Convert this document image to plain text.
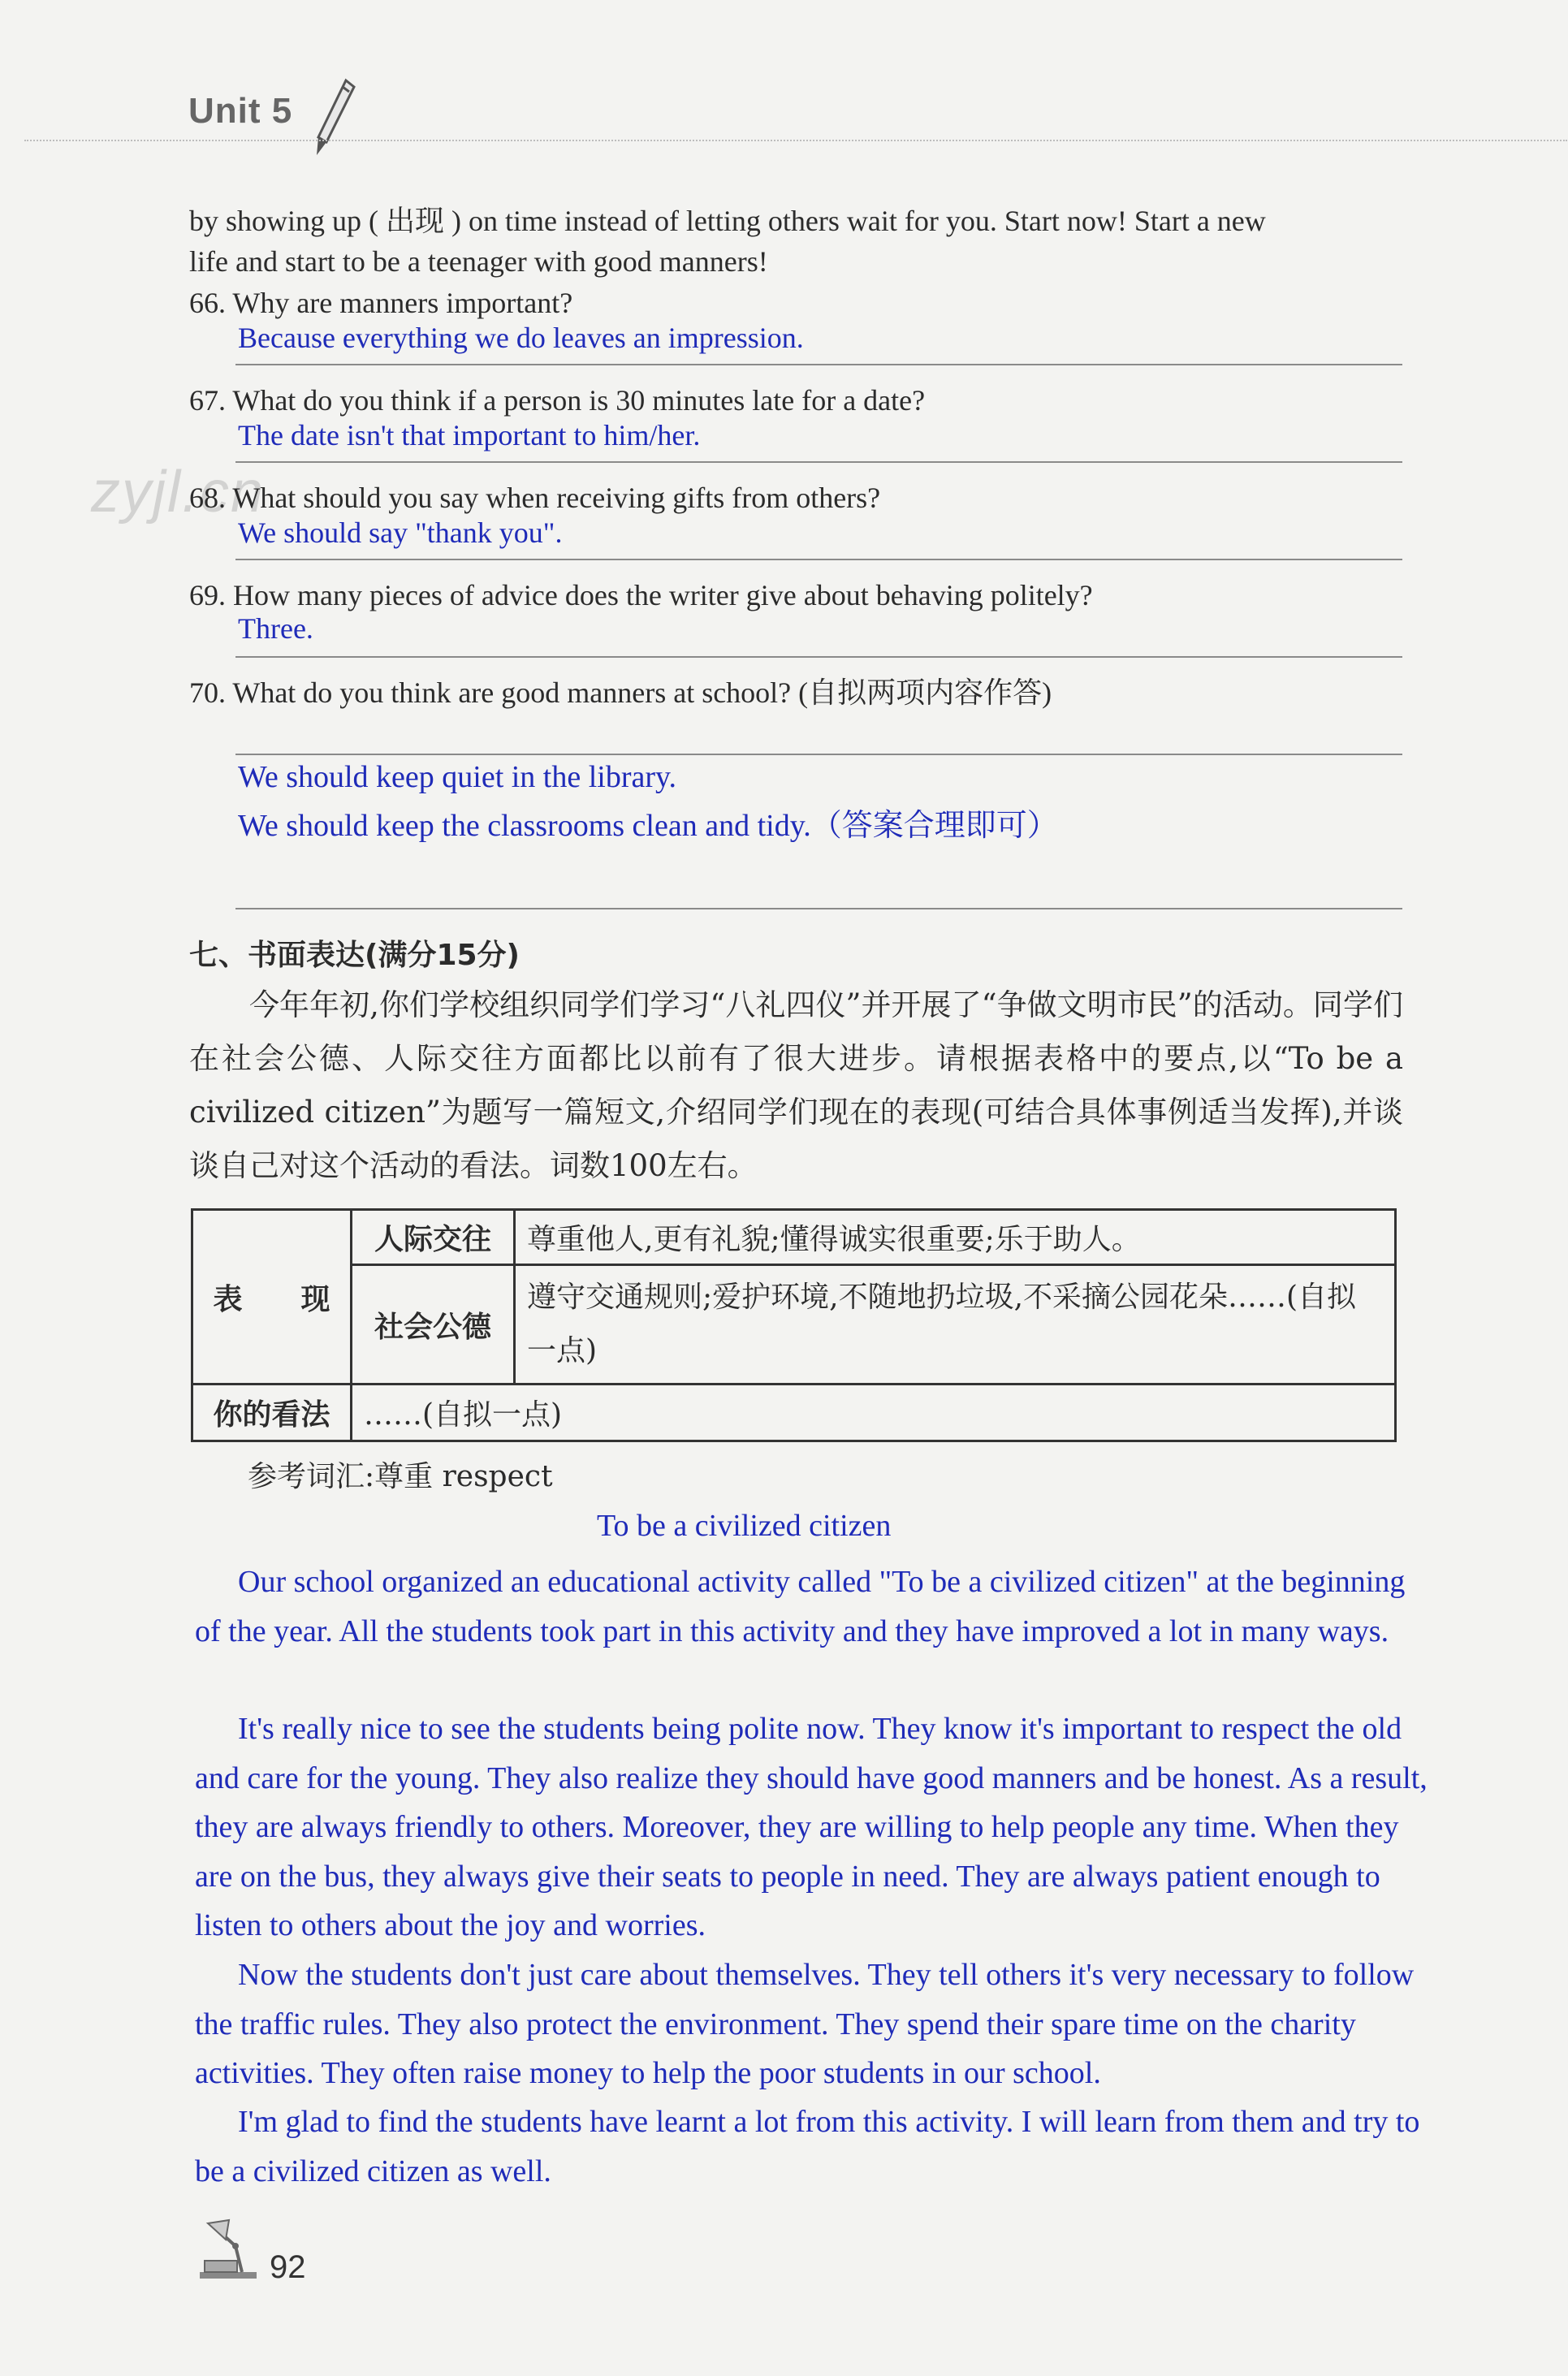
Unit 5
zyjl.cn
by showing up ( 出现 ) on time instead of letting others wait for you. Start now! Start a new
life and start to be a teenager with good manners!
66. Why are manners important?
Because everything we do leaves an impression.
67. What do you think if a person is 30 minutes late for a date?
The date isn't that important to him/her.
68. What should you say when receiving gifts from others?
We should say "thank you".
69. How many pieces of advice does the writer give about behaving politely?
Three.
70. What do you think are good manners at school? (自拟两项内容作答)
We should keep quiet in the library.
We should keep the classrooms clean and tidy.（答案合理即可）
七、书面表达(满分15分)
今年年初,你们学校组织同学们学习“八礼四仪”并开展了“争做文明市民”的活动。同学们在社会公德、人际交往方面都比以前有了很大进步。请根据表格中的要点,以“To be a civilized citizen”为题写一篇短文,介绍同学们现在的表现(可结合具体事例适当发挥),并谈谈自己对这个活动的看法。词数100左右。
表　　现	人际交往	尊重他人,更有礼貌;懂得诚实很重要;乐于助人。
	社会公德	遵守交通规则;爱护环境,不随地扔垃圾,不采摘公园花朵……(自拟一点)
你的看法	……(自拟一点)	
参考词汇:尊重 respect
To be a civilized citizen
Our school organized an educational activity called "To be a civilized citizen" at the beginning of the year. All the students took part in this activity and they have improved a lot in many ways.
It's really nice to see the students being polite now. They know it's important to respect the old and care for the young. They also realize they should have good manners and be honest. As a result, they are always friendly to others. Moreover, they are willing to help people any time. When they are on the bus, they always give their seats to people in need. They are always patient enough to listen to others about the joy and worries.
Now the students don't just care about themselves. They tell others it's very necessary to follow the traffic rules. They also protect the environment. They spend their spare time on the charity activities. They often raise money to help the poor students in our school.
I'm glad to find the students have learnt a lot from this activity. I will learn from them and try to be a civilized citizen as well.
92
